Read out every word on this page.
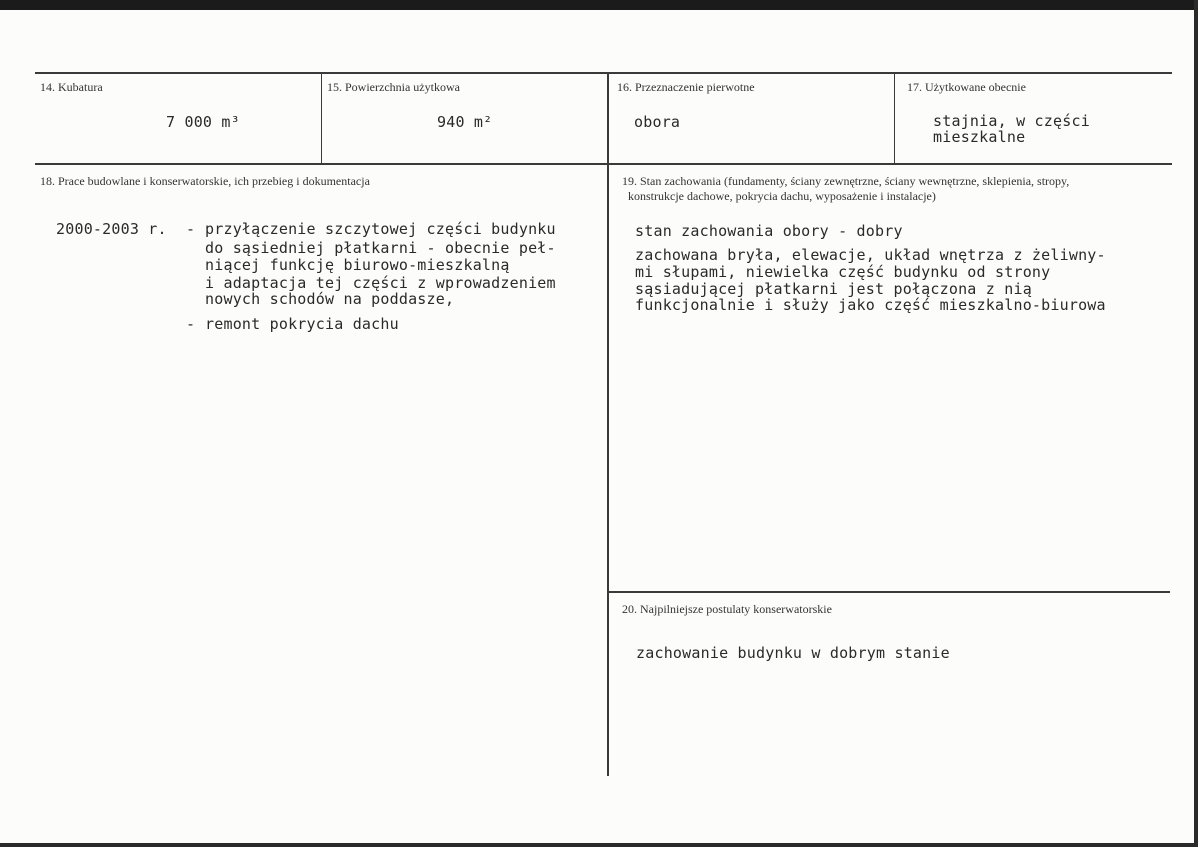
14. Kubatura
7 000 m³
15. Powierzchnia użytkowa
940 m²
16. Przeznaczenie pierwotne
obora
17. Użytkowane obecnie
stajnia, w części
mieszkalne
18. Prace budowlane i konserwatorskie, ich przebieg i dokumentacja
2000-2003 r. - przyłączenie szczytowej części budynku
do sąsiedniej płatkarni - obecnie peł-
niącej funkcję biurowo-mieszkalną
i adaptacja tej części z wprowadzeniem
nowych schodów na poddasze,
- remont pokrycia dachu
19. Stan zachowania (fundamenty, ściany zewnętrzne, ściany wewnętrzne, sklepienia, stropy,
konstrukcje dachowe, pokrycia dachu, wyposażenie i instalacje)
stan zachowania obory - dobry
zachowana bryła, elewacje, układ wnętrza z żeliwny-
mi słupami, niewielka część budynku od strony
sąsiadującej płatkarni jest połączona z nią
funkcjonalnie i służy jako część mieszkalno-biurowa
20. Najpilniejsze postulaty konserwatorskie
zachowanie budynku w dobrym stanie
